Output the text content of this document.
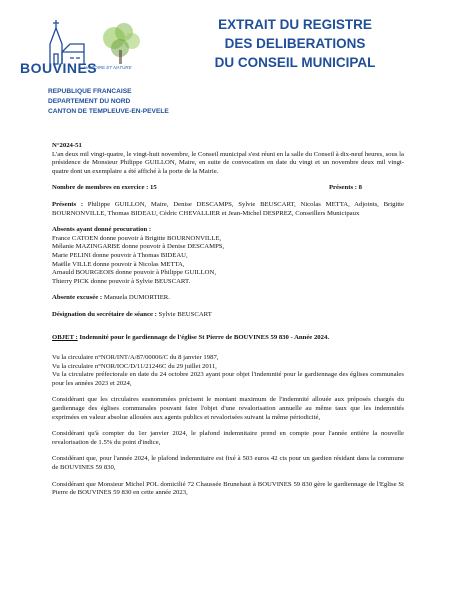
BOUVINES
HISTOIRE ET NATURE
EXTRAIT DU REGISTRE
DES DELIBERATIONS
DU CONSEIL MUNICIPAL
REPUBLIQUE FRANCAISE
DEPARTEMENT DU NORD
CANTON DE TEMPLEUVE-EN-PEVELE

N°2024-51

L'an deux mil vingt-quatre, le vingt-huit novembre, le Conseil municipal s'est réuni en la salle du Conseil à dix-neuf heures, sous la présidence de Monsieur Philippe GUILLON, Maire, en suite de convocation en date du vingt et un novembre deux mil vingt-quatre dont un exemplaire a été affiché à la porte de la Mairie.

Nombre de membres en exercice : 15	Présents : 8

Présents : Philippe GUILLON, Maire, Denise DESCAMPS, Sylvie BEUSCART, Nicolas METTA, Adjoints, Brigitte BOURNONVILLE, Thomas BIDEAU, Cédric CHEVALLIER et Jean-Michel DESPREZ, Conseillers Municipaux

Absents ayant donné procuration :

France CATOEN donne pouvoir à Brigitte BOURNONVILLE,

Mélanie MAZINGARBE donne pouvoir à Denise DESCAMPS,

Marie PELINI donne pouvoir à Thomas BIDEAU,

Maëlle VILLE donne pouvoir à Nicolas METTA,

Arnauld BOURGEOIS donne pouvoir à Philippe GUILLON,

Thierry PICK donne pouvoir à Sylvie BEUSCART.

Absente excusée : Manuela DUMORTIER.

Désignation du secrétaire de séance : Sylvie BEUSCART

OBJET : Indemnité pour le gardiennage de l'église St Pierre de BOUVINES 59 830 - Année 2024.

Vu la circulaire n°NOR/INT/A/87/00006/C du 8 janvier 1987,

Vu la circulaire n°NOR/IOC/D/11/21246C du 29 juillet 2011,

Vu la circulaire préfectorale en date du 24 octobre 2023 ayant pour objet l'indemnité pour le gardiennage des églises communales pour les années 2023 et 2024,

Considérant que les circulaires susnommées précisent le montant maximum de l'indemnité allouée aux préposés chargés du gardiennage des églises communales pouvant faire l'objet d'une revalorisation annuelle au même taux que les indemnités exprimées en valeur absolue allouées aux agents publics et revalorisées suivant la même périodicité,

Considérant qu'à compter du 1er janvier 2024, le plafond indemnitaire prend en compte pour l'année entière la nouvelle revalorisation de 1.5% du point d'indice,

Considérant que, pour l'année 2024, le plafond indemnitaire est fixé à 503 euros 42 cts pour un gardien résidant dans la commune de BOUVINES 59 830,

Considérant que Monsieur Michel POL domicilié 72 Chaussée Brunehaut à BOUVINES 59 830 gère le gardiennage de l'Eglise St Pierre de BOUVINES 59 830 en cette année 2023,
